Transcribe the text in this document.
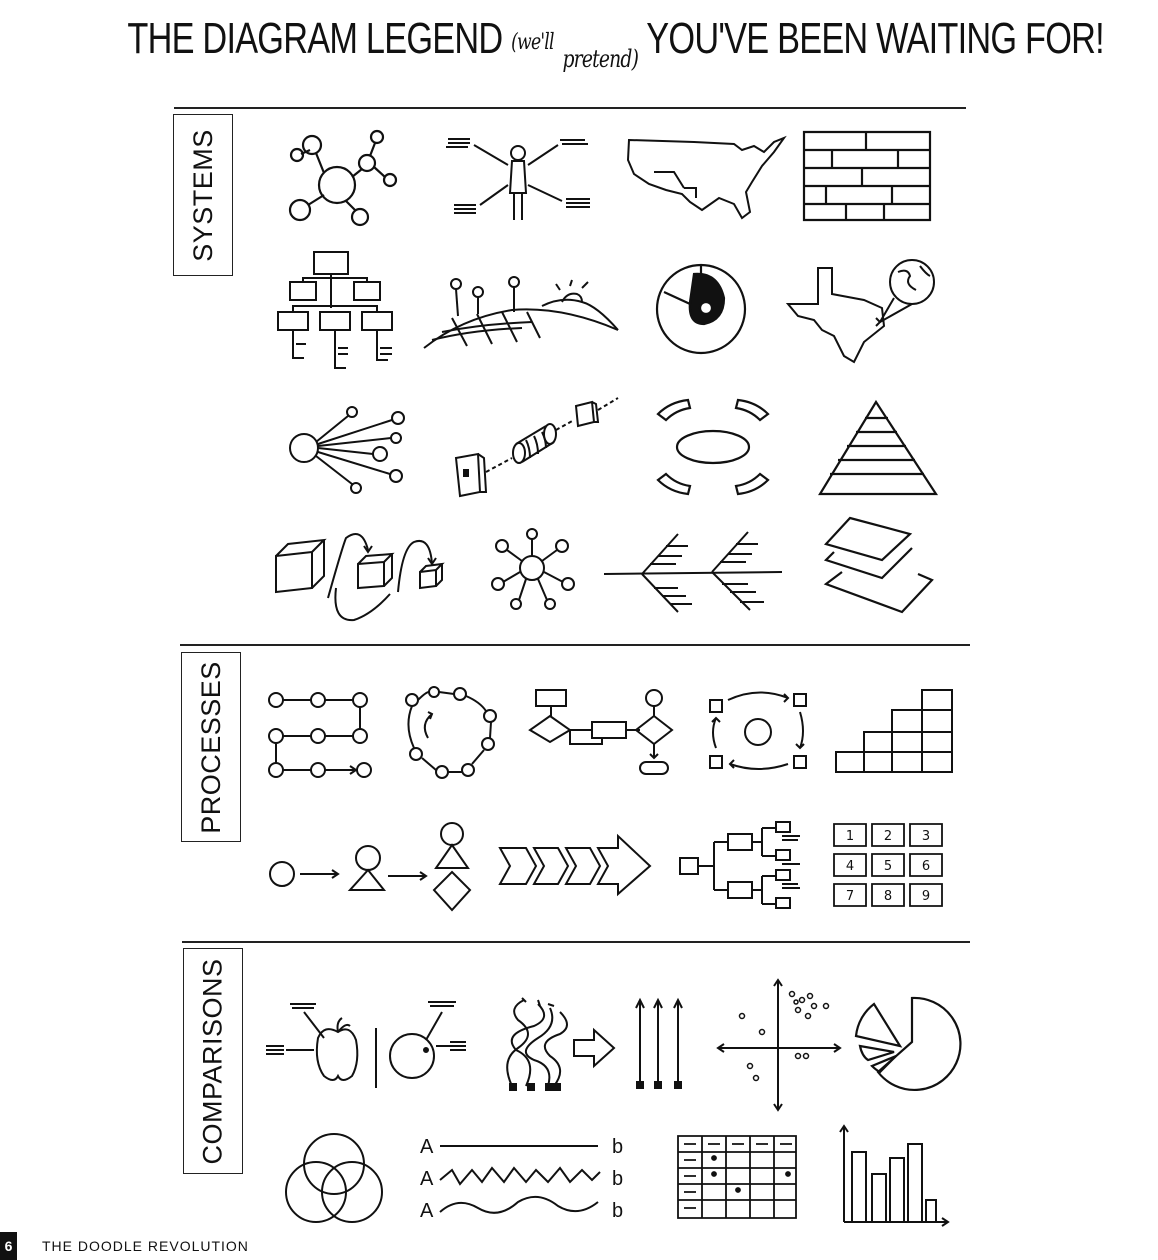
THE DIAGRAM LEGEND (we'll pretend) YOU'VE BEEN WAITING FOR!
SYSTEMS
PROCESSES
COMPARISONS
1 2 3
4 5 6
7 8 9
A
A
A
b
b
b
6	THE DOODLE REVOLUTION
